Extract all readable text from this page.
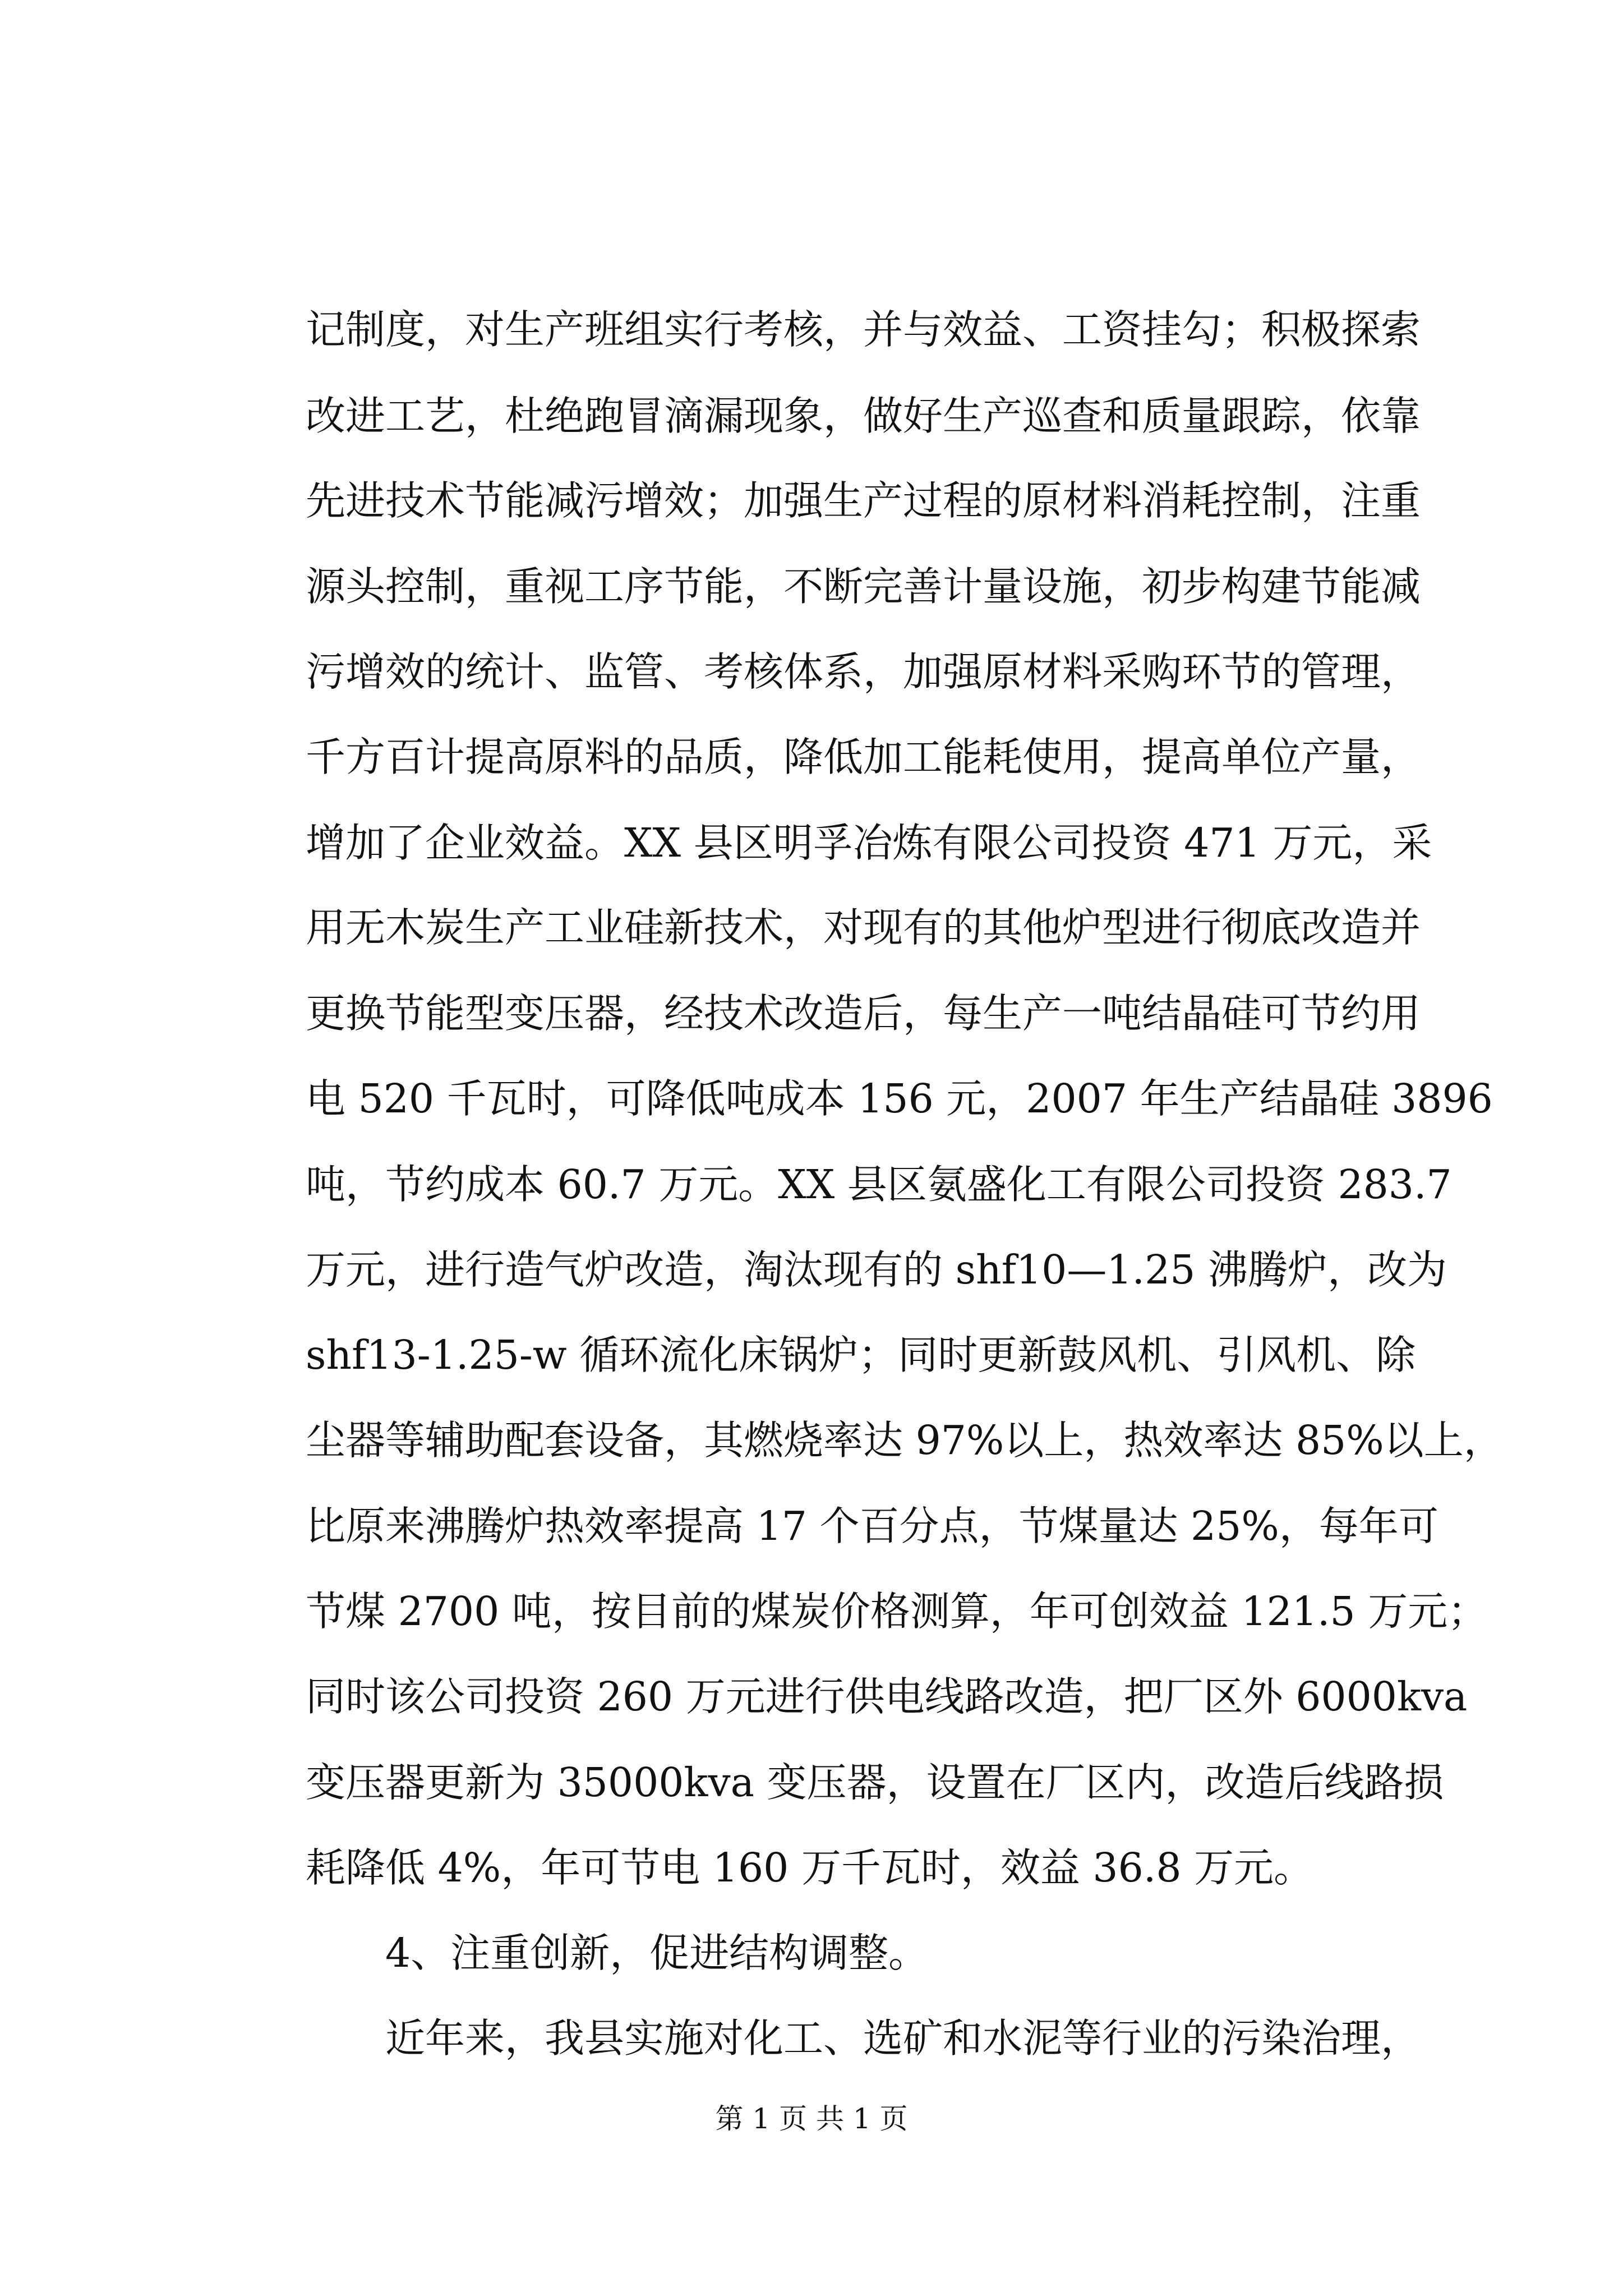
记制度，对生产班组实行考核，并与效益、工资挂勾；积极探索
改进工艺，杜绝跑冒滴漏现象，做好生产巡查和质量跟踪，依靠
先进技术节能减污增效；加强生产过程的原材料消耗控制，注重
源头控制，重视工序节能，不断完善计量设施，初步构建节能减
污增效的统计、监管、考核体系，加强原材料采购环节的管理，
千方百计提高原料的品质，降低加工能耗使用，提高单位产量，
增加了企业效益。XX 县区明孚冶炼有限公司投资 471 万元，采
用无木炭生产工业硅新技术，对现有的其他炉型进行彻底改造并
更换节能型变压器，经技术改造后，每生产一吨结晶硅可节约用
电 520 千瓦时，可降低吨成本 156 元，2007 年生产结晶硅 3896
吨，节约成本 60.7 万元。XX 县区氨盛化工有限公司投资 283.7
万元，进行造气炉改造，淘汰现有的 shf10—1.25 沸腾炉，改为
shf13-1.25-w 循环流化床锅炉；同时更新鼓风机、引风机、除
尘器等辅助配套设备，其燃烧率达 97%以上，热效率达 85%以上，
比原来沸腾炉热效率提高 17 个百分点，节煤量达 25%，每年可
节煤 2700 吨，按目前的煤炭价格测算，年可创效益 121.5 万元；
同时该公司投资 260 万元进行供电线路改造，把厂区外 6000kva
变压器更新为 35000kva 变压器，设置在厂区内，改造后线路损
耗降低 4%，年可节电 160 万千瓦时，效益 36.8 万元。
　　4、注重创新，促进结构调整。
　　近年来，我县实施对化工、选矿和水泥等行业的污染治理，
第 1 页 共 1 页
